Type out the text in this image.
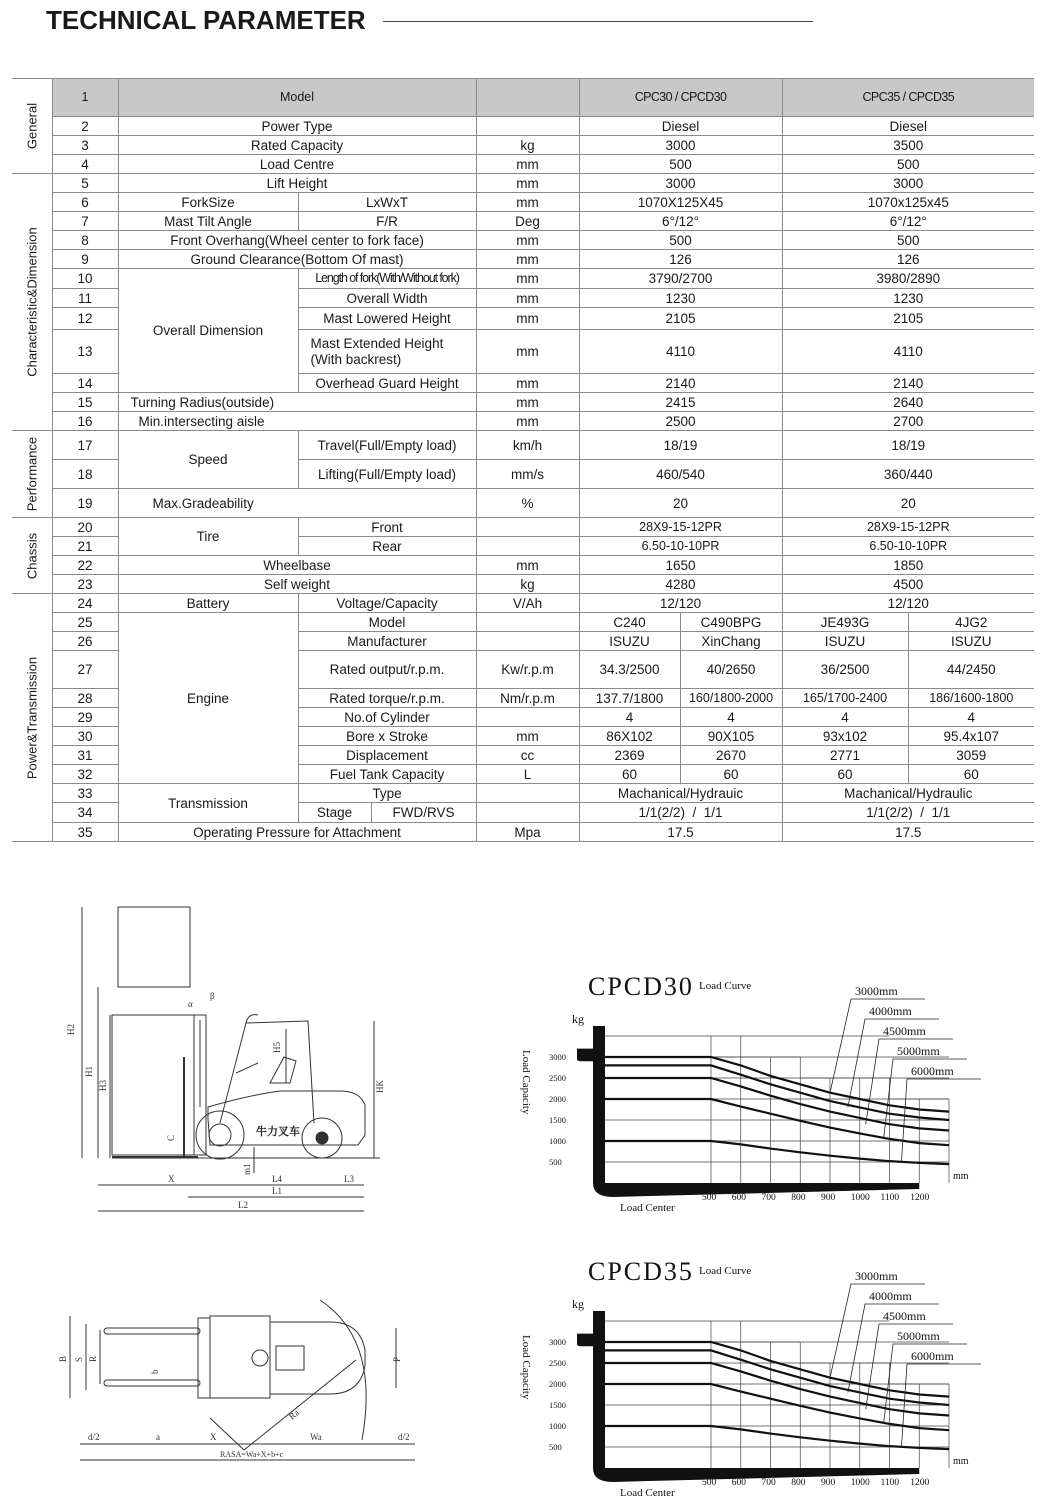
TECHNICAL PARAMETER
General	1	Model			CPC30 / CPCD30		CPC35 / CPCD35	
	2	Power Type			Diesel		Diesel	
	3	Rated Capacity		kg	3000		3500	
	4	Load Centre		mm	500		500	

Characteristic&Dimension	5	Lift Height		mm	3000		3000	
	6	ForkSize	LxWxT	mm	1070X125X45		1070x125x45	
	7	Mast Tilt Angle	F/R	Deg	6°/12°		6°/12°	
	8	Front Overhang(Wheel center to fork face)		mm	500		500	
	9	Ground Clearance(Bottom Of mast)		mm	126		126	
	10	Overall Dimension	Length of fork(With/Without fork)	mm	3790/2700		3980/2890	
	11		Overall Width	mm	1230		1230	
	12		Mast Lowered Height	mm	2105		2105	
	13		Mast Extended Height
(With backrest)	mm	4110		4110	
	14		Overhead Guard Height	mm	2140		2140	
	15	Turning Radius(outside)		mm	2415		2640	
	16	Min.intersecting aisle		mm	2500		2700	

Performance	17	Speed	Travel(Full/Empty load)	km/h	18/19		18/19	
	18		Lifting(Full/Empty load)	mm/s	460/540		360/440	
	19	Max.Gradeability		%	20		20	

Chassis	20	Tire	Front		28X9-15-12PR		28X9-15-12PR	
	21		Rear		6.50-10-10PR		6.50-10-10PR	
	22	Wheelbase		mm	1650		1850	
	23	Self weight		kg	4280		4500	

Power&Transmission	24	Battery	Voltage/Capacity	V/Ah	12/120		12/120	
	25	Engine	Model		C240	C490BPG	JE493G	4JG2
	26		Manufacturer		ISUZU	XinChang	ISUZU	ISUZU
	27		Rated output/r.p.m.	Kw/r.p.m	34.3/2500	40/2650	36/2500	44/2450
	28		Rated torque/r.p.m.	Nm/r.p.m	137.7/1800	160/1800-2000	165/1700-2400	186/1600-1800
	29		No.of Cylinder		4	4	4	4
	30		Bore x Stroke	mm	86X102	90X105	93x102	95.4x107
	31		Displacement	cc	2369	2670	2771	3059
	32		Fuel Tank Capacity	L	60	60	60	60
	33	Transmission	Type		Machanical/Hydrauic		Machanical/Hydraulic	
	34		Stage FWD/RVS		1/1(2/2)  /  1/1		1/1(2/2)  /  1/1	
	35	Operating Pressure for Attachment		Mpa	17.5		17.5	
牛力叉车
H2
H1
H3
H5
HK
C
m1
X	L4	L3
L1
L2
α
β
B S R
b
P
Ra
d/2	a	X	Wa	d/2
RASA=Wa+X+b+c
CPCD30 Load Curve
kg
mm
Load Capacity
Load Center
3000
2500
2000
1500
1000
500
500 600 700 800 900 1000 1100 1200
3000mm
4000mm
4500mm
5000mm
6000mm
CPCD35 Load Curve
kg
mm
Load Capacity
Load Center
3000
2500
2000
1500
1000
500
500 600 700 800 900 1000 1100 1200
3000mm
4000mm
4500mm
5000mm
6000mm
